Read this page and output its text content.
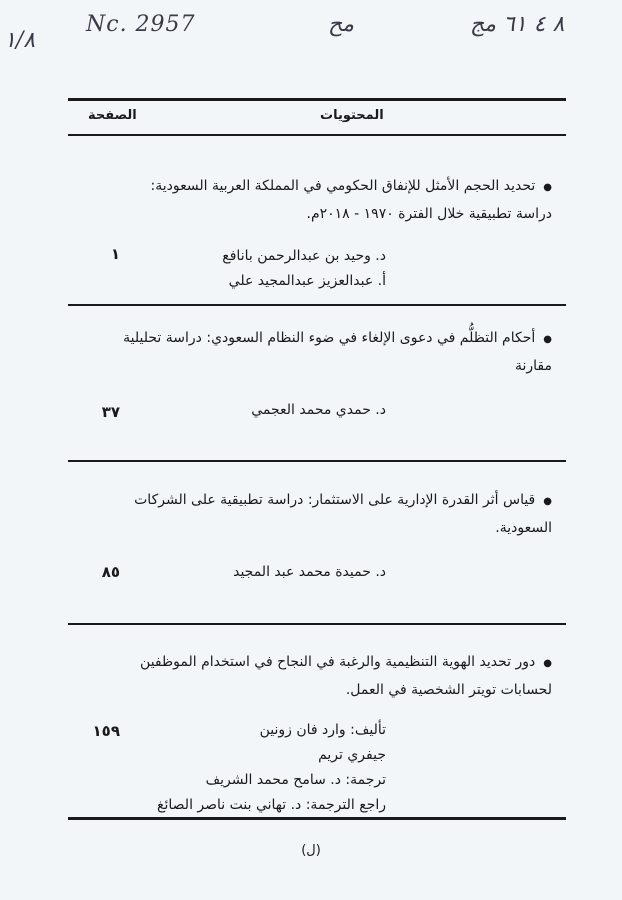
١/٨
Nc. 2957	مح	٨ ٤ ٦١ مج
المحتويات
الصفحة
●تحديد الحجم الأمثل للإنفاق الحكومي في المملكة العربية السعودية: دراسة تطبيقية خلال الفترة ١٩٧٠ - ٢٠١٨م.
١	د. وحيد بن عبدالرحمن بانافع
أ. عبدالعزيز عبدالمجيد علي
●أحكام التظلُّم في دعوى الإلغاء في ضوء النظام السعودي: دراسة تحليلية مقارنة
٣٧	د. حمدي محمد العجمي
●قياس أثر القدرة الإدارية على الاستثمار: دراسة تطبيقية على الشركات السعودية.
٨٥	د. حميدة محمد عبد المجيد
●دور تحديد الهوية التنظيمية والرغبة في النجاح في استخدام الموظفين لحسابات تويتر الشخصية في العمل.
١٥٩	تأليف: وارد فان زونين
جيفري تريم
ترجمة: د. سامح محمد الشريف
راجع الترجمة: د. تهاني بنت ناصر الصائغ
(ل)
